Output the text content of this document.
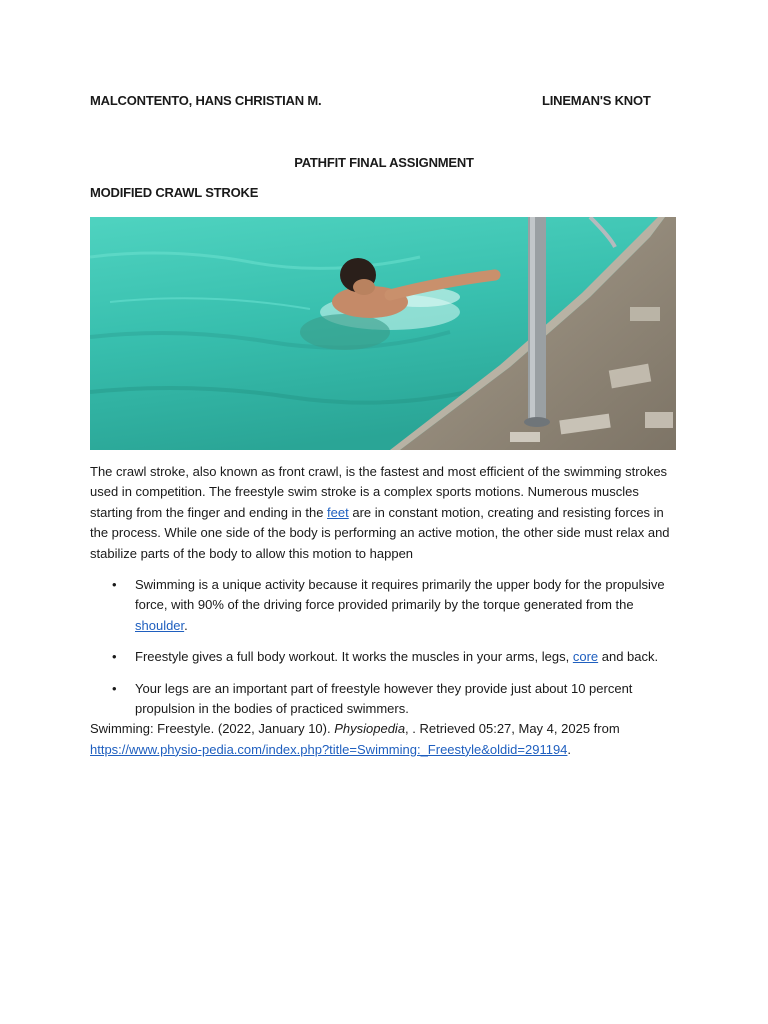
MALCONTENTO, HANS CHRISTIAN M.	LINEMAN'S KNOT
PATHFIT FINAL ASSIGNMENT
MODIFIED CRAWL STROKE

The crawl stroke, also known as front crawl, is the fastest and most efficient of the swimming strokes used in competition. The freestyle swim stroke is a complex sports motions. Numerous muscles starting from the finger and ending in the feet are in constant motion, creating and resisting forces in the process. While one side of the body is performing an active motion, the other side must relax and stabilize parts of the body to allow this motion to happen

• Swimming is a unique activity because it requires primarily the upper body for the propulsive force, with 90% of the driving force provided primarily by the torque generated from the shoulder.
• Freestyle gives a full body workout. It works the muscles in your arms, legs, core and back.
• Your legs are an important part of freestyle however they provide just about 10 percent propulsion in the bodies of practiced swimmers.

Swimming: Freestyle. (2022, January 10). Physiopedia, . Retrieved 05:27, May 4, 2025 from https://www.physio-pedia.com/index.php?title=Swimming:_Freestyle&oldid=291194.
